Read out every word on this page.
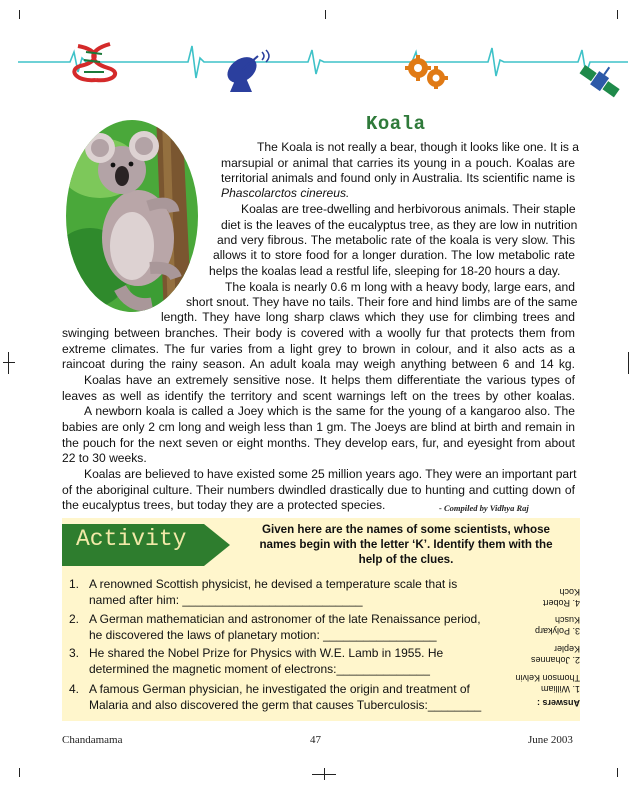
Koala
The Koala is not really a bear, though it looks like one. It is a
marsupial or animal that carries its young in a pouch. Koalas are
territorial animals and found only in Australia. Its scientific name is
Phascolarctos cinereus.
Koalas are tree-dwelling and herbivorous animals. Their staple
diet is the leaves of the eucalyptus tree, as they are low in nutrition
and very fibrous. The metabolic rate of the koala is very slow. This
allows it to store food for a longer duration. The low metabolic rate
helps the koalas lead a restful life, sleeping for 18-20 hours a day.
The koala is nearly 0.6 m long with a heavy body, large ears, and
short snout. They have no tails. Their fore and hind limbs are of the same
length. They have long sharp claws which they use for climbing trees and
swinging between branches. Their body is covered with a woolly fur that protects them from
extreme climates. The fur varies from a light grey to brown in colour, and it also acts as a
raincoat during the rainy season. An adult koala may weigh anything between 6 and 14 kg.
Koalas have an extremely sensitive nose. It helps them differentiate the various types of
leaves as well as identify the territory and scent warnings left on the trees by other koalas.
A newborn koala is called a Joey which is the same for the young of a kangaroo also. The
babies are only 2 cm long and weigh less than 1 gm. The Joeys are blind at birth and remain in
the pouch for the next seven or eight months. They develop ears, fur, and eyesight from about
22 to 30 weeks.
Koalas are believed to have existed some 25 million years ago. They were an important part
of the aboriginal culture. Their numbers dwindled drastically due to hunting and cutting down of
the eucalyptus trees, but today they are a protected species.	- Compiled by Vidhya Raj
Activity	Given here are the names of some scientists, whose names begin with the letter ‘K’. Identify them with the help of the clues.
1. A renowned Scottish physicist, he devised a temperature scale that is
named after him: ___________________________
2. A German mathematician and astronomer of the late Renaissance period,
he discovered the laws of planetary motion: _________________
3. He shared the Nobel Prize for Physics with W.E. Lamb in 1955. He
determined the magnetic moment of electrons:______________
4. A famous German physician, he investigated the origin and treatment of
Malaria and also discovered the germ that causes Tuberculosis:________	Answers :
1. William
Thomson Kelvin
2. Johannes
Kepler
3. Polykarp
Kusch
4. Robert
Koch
Chandamama	47	June 2003
